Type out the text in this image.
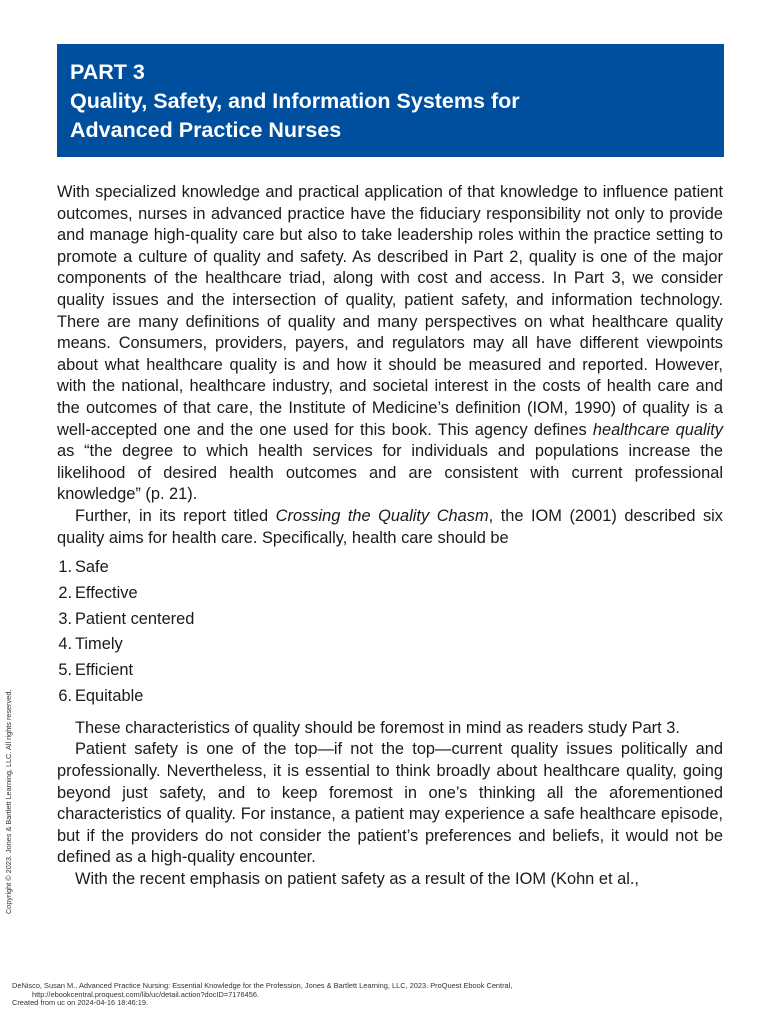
PART 3
Quality, Safety, and Information Systems for
Advanced Practice Nurses

With specialized knowledge and practical application of that knowledge to influence patient outcomes, nurses in advanced practice have the fiduciary responsibility not only to provide and manage high-quality care but also to take leadership roles within the practice setting to promote a culture of quality and safety. As described in Part 2, quality is one of the major components of the healthcare triad, along with cost and access. In Part 3, we consider quality issues and the intersection of quality, patient safety, and information technology. There are many definitions of quality and many perspectives on what healthcare quality means. Consumers, providers, payers, and regulators may all have different viewpoints about what healthcare quality is and how it should be measured and reported. However, with the national, healthcare industry, and societal interest in the costs of health care and the outcomes of that care, the Institute of Medicine’s definition (IOM, 1990) of quality is a well-accepted one and the one used for this book. This agency defines healthcare quality as “the degree to which health services for individuals and populations increase the likelihood of desired health outcomes and are consistent with current professional knowledge” (p. 21).

Further, in its report titled Crossing the Quality Chasm, the IOM (2001) described six quality aims for health care. Specifically, health care should be

1. Safe
2. Effective
3. Patient centered
4. Timely
5. Efficient
6. Equitable

These characteristics of quality should be foremost in mind as readers study Part 3.

Patient safety is one of the top—if not the top—current quality issues politically and professionally. Nevertheless, it is essential to think broadly about healthcare quality, going beyond just safety, and to keep foremost in one’s thinking all the aforementioned characteristics of quality. For instance, a patient may experience a safe healthcare episode, but if the providers do not consider the patient’s preferences and beliefs, it would not be defined as a high-quality encounter.

With the recent emphasis on patient safety as a result of the IOM (Kohn et al.,

Copyright © 2023. Jones & Bartlett Learning, LLC. All rights reserved.
DeNisco, Susan M.. Advanced Practice Nursing: Essential Knowledge for the Profession, Jones & Bartlett Learning, LLC, 2023. ProQuest Ebook Central,
http://ebookcentral.proquest.com/lib/uc/detail.action?docID=7176456.
Created from uc on 2024-04-16 18:46:19.
